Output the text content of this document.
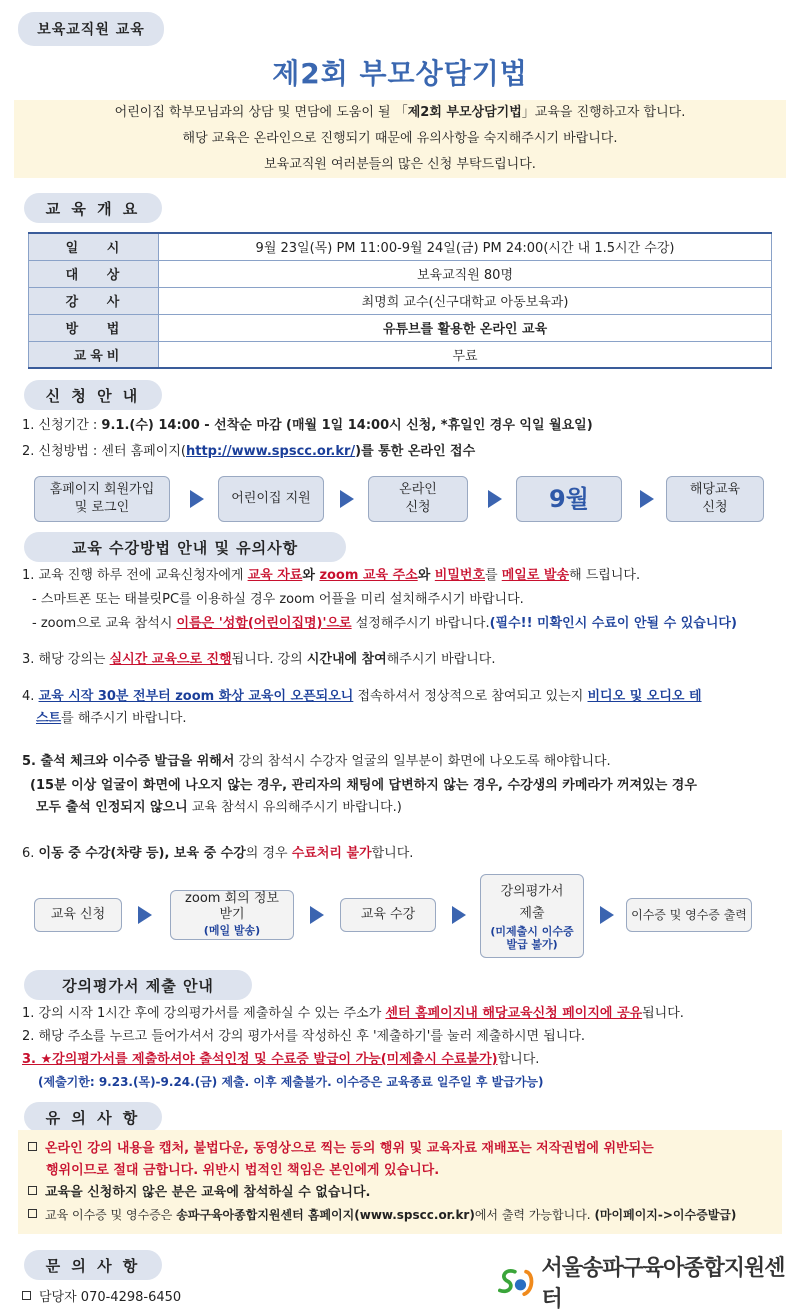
보육교직원 교육
제2회 부모상담기법
어린이집 학부모님과의 상담 및 면담에 도움이 될 「제2회 부모상담기법」교육을 진행하고자 합니다.
해당 교육은 온라인으로 진행되기 때문에 유의사항을 숙지해주시기 바랍니다.
보육교직원 여러분들의 많은 신청 부탁드립니다.
교 육 개 요
일 시	9월 23일(목) PM 11:00-9월 24일(금) PM 24:00(시간 내 1.5시간 수강)
대 상	보육교직원 80명
강 사	최명희 교수(신구대학교 아동보육과)
방 법	유튜브를 활용한 온라인 교육
교육비	무료
신 청 안 내
1. 신청기간 : 9.1.(수) 14:00 - 선착순 마감 (매월 1일 14:00시 신청, *휴일인 경우 익일 월요일)
2. 신청방법 : 센터 홈페이지(http://www.spscc.or.kr/)를 통한 온라인 접수
홈페이지 회원가입
및 로그인
어린이집 지원
온라인
신청	9월	해당교육
신청
교육 수강방법 안내 및 유의사항
1. 교육 진행 하루 전에 교육신청자에게 교육 자료와 zoom 교육 주소와 비밀번호를 메일로 발송해 드립니다.
- 스마트폰 또는 태블릿PC를 이용하실 경우 zoom 어플을 미리 설치해주시기 바랍니다.
- zoom으로 교육 참석시 이름은 '성함(어린이집명)'으로 설정해주시기 바랍니다.(필수!! 미확인시 수료이 안될 수 있습니다)
3. 해당 강의는 실시간 교육으로 진행됩니다. 강의 시간내에 참여해주시기 바랍니다.
4. 교육 시작 30분 전부터 zoom 화상 교육이 오픈되오니 접속하셔서 정상적으로 참여되고 있는지 비디오 및 오디오 테
스트를 해주시기 바랍니다.
5. 출석 체크와 이수증 발급을 위해서 강의 참석시 수강자 얼굴의 일부분이 화면에 나오도록 해야합니다.
(15분 이상 얼굴이 화면에 나오지 않는 경우, 관리자의 채팅에 답변하지 않는 경우, 수강생의 카메라가 꺼져있는 경우
모두 출석 인정되지 않으니 교육 참석시 유의해주시기 바랍니다.)
6. 이동 중 수강(차량 등), 보육 중 수강의 경우 수료처리 불가합니다.
교육 신청
zoom 회의 정보
받기
(메일 발송)
교육 수강
강의평가서
제출
(미제출시 이수증
발급 불가)
이수증 및 영수증 출력
강의평가서 제출 안내
1. 강의 시작 1시간 후에 강의평가서를 제출하실 수 있는 주소가 센터 홈페이지내 해당교육신청 페이지에 공유됩니다.
2. 해당 주소를 누르고 들어가셔서 강의 평가서를 작성하신 후 '제출하기'를 눌러 제출하시면 됩니다.
3. ★강의평가서를 제출하셔야 출석인정 및 수료증 발급이 가능(미제출시 수료불가)합니다.
(제출기한: 9.23.(목)-9.24.(금) 제출. 이후 제출불가. 이수증은 교육종료 일주일 후 발급가능)
유 의 사 항
온라인 강의 내용을 캡처, 불법다운, 동영상으로 찍는 등의 행위 및 교육자료 재배포는 저작권법에 위반되는
행위이므로 절대 금합니다. 위반시 법적인 책임은 본인에게 있습니다.
교육을 신청하지 않은 분은 교육에 참석하실 수 없습니다.
교육 이수증 및 영수증은 송파구육아종합지원센터 홈페이지(www.spscc.or.kr)에서 출력 가능합니다. (마이페이지->이수증발급)
문 의 사 항
담당자 070-4298-6450
서울송파구육아종합지원센터
